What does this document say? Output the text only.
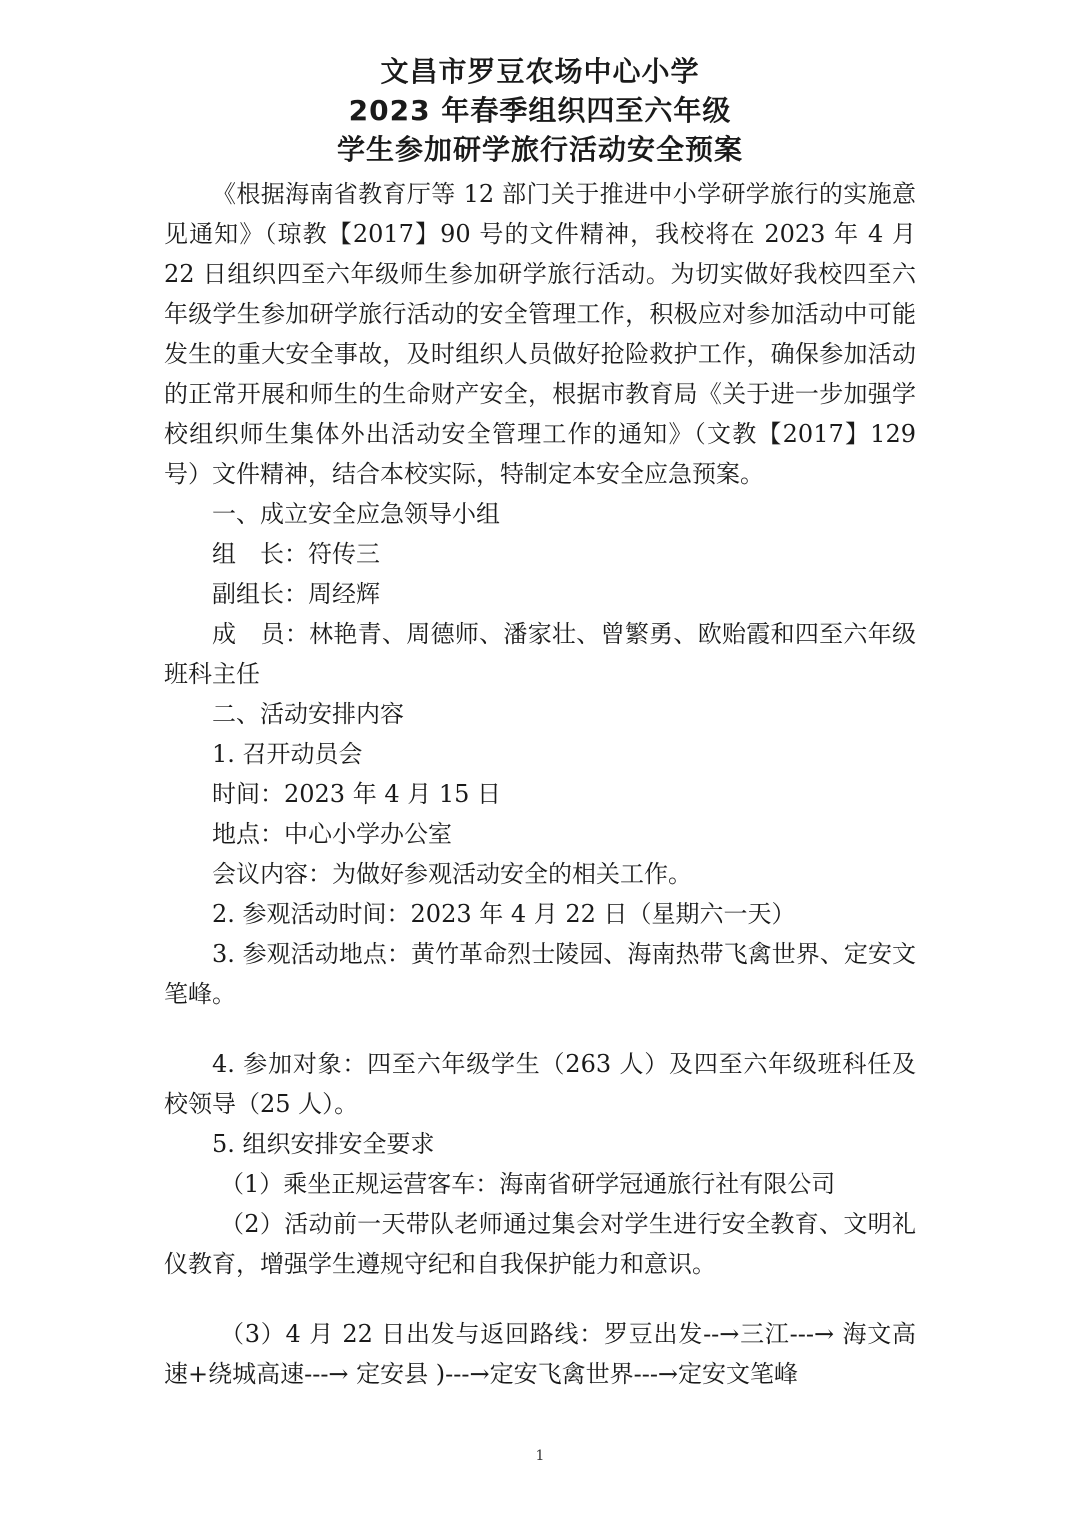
文昌市罗豆农场中心小学
2023 年春季组织四至六年级
学生参加研学旅行活动安全预案

《根据海南省教育厅等 12 部门关于推进中小学研学旅行的实施意见通知》（琼教【2017】90 号的文件精神，我校将在 2023 年 4 月 22 日组织四至六年级师生参加研学旅行活动。为切实做好我校四至六年级学生参加研学旅行活动的安全管理工作，积极应对参加活动中可能发生的重大安全事故，及时组织人员做好抢险救护工作，确保参加活动的正常开展和师生的生命财产安全，根据市教育局《关于进一步加强学校组织师生集体外出活动安全管理工作的通知》（文教【2017】129 号）文件精神，结合本校实际，特制定本安全应急预案。

一、成立安全应急领导小组

组　长：符传三

副组长：周经辉

成　员：林艳青、周德师、潘家壮、曾繁勇、欧贻霞和四至六年级班科主任

二、活动安排内容

1. 召开动员会

时间：2023 年 4 月 15 日

地点：中心小学办公室

会议内容：为做好参观活动安全的相关工作。

2. 参观活动时间：2023 年 4 月 22 日（星期六一天）

3. 参观活动地点：黄竹革命烈士陵园、海南热带飞禽世界、定安文笔峰。

4. 参加对象：四至六年级学生（263 人）及四至六年级班科任及校领导（25 人）。

5. 组织安排安全要求

（1）乘坐正规运营客车：海南省研学冠通旅行社有限公司

（2）活动前一天带队老师通过集会对学生进行安全教育、文明礼仪教育，增强学生遵规守纪和自我保护能力和意识。

（3）4 月 22 日出发与返回路线：罗豆出发--→三江---→ 海文高速+绕城高速---→ 定安县 )---→定安飞禽世界---→定安文笔峰

1
